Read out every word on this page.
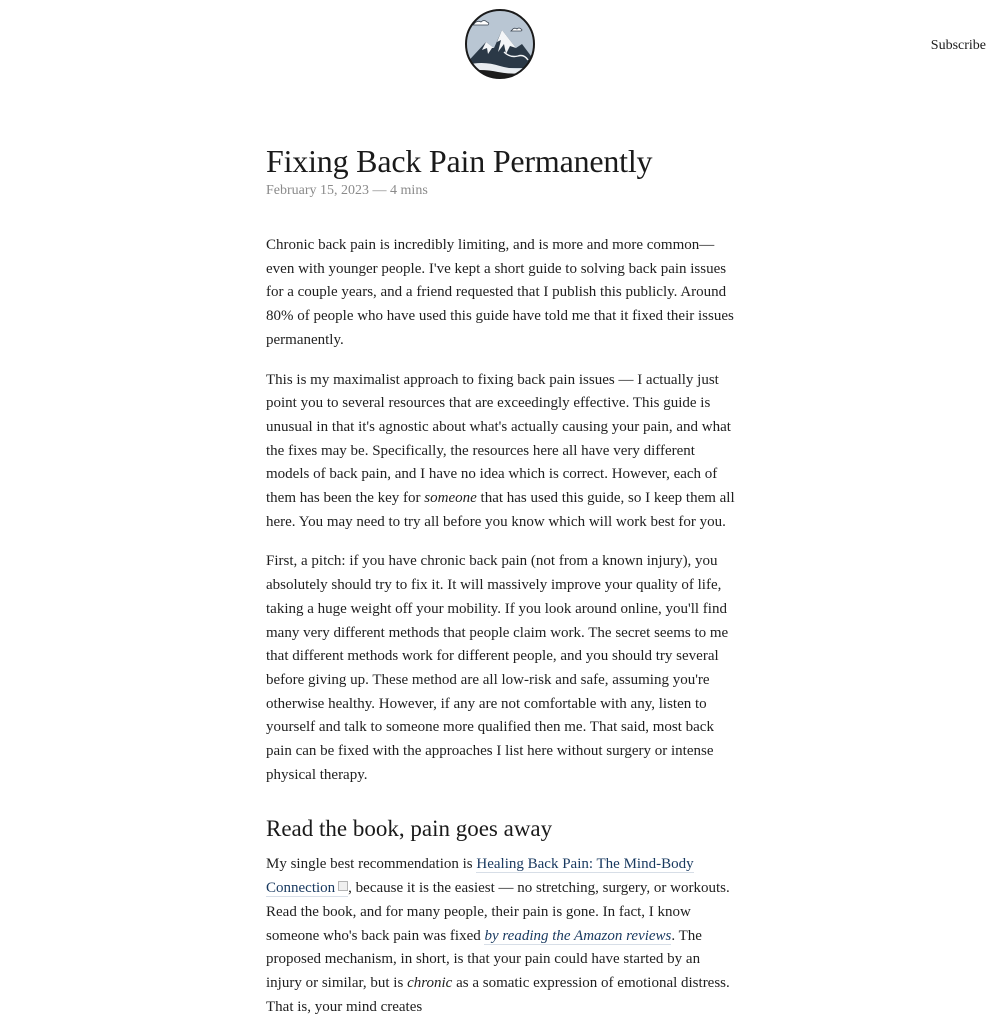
Subscribe
Fixing Back Pain Permanently
February 15, 2023 — 4 mins

Chronic back pain is incredibly limiting, and is more and more common—even with younger people. I've kept a short guide to solving back pain issues for a couple years, and a friend requested that I publish this publicly. Around 80% of people who have used this guide have told me that it fixed their issues permanently.

This is my maximalist approach to fixing back pain issues — I actually just point you to several resources that are exceedingly effective. This guide is unusual in that it's agnostic about what's actually causing your pain, and what the fixes may be. Specifically, the resources here all have very different models of back pain, and I have no idea which is correct. However, each of them has been the key for someone that has used this guide, so I keep them all here. You may need to try all before you know which will work best for you.

First, a pitch: if you have chronic back pain (not from a known injury), you absolutely should try to fix it. It will massively improve your quality of life, taking a huge weight off your mobility. If you look around online, you'll find many very different methods that people claim work. The secret seems to me that different methods work for different people, and you should try several before giving up. These method are all low-risk and safe, assuming you're otherwise healthy. However, if any are not comfortable with any, listen to yourself and talk to someone more qualified then me. That said, most back pain can be fixed with the approaches I list here without surgery or intense physical therapy.

Read the book, pain goes away

My single best recommendation is Healing Back Pain: The Mind-Body Connection , because it is the easiest — no stretching, surgery, or workouts. Read the book, and for many people, their pain is gone. In fact, I know someone who's back pain was fixed by reading the Amazon reviews. The proposed mechanism, in short, is that your pain could have started by an injury or similar, but is chronic as a somatic expression of emotional distress. That is, your mind creates
